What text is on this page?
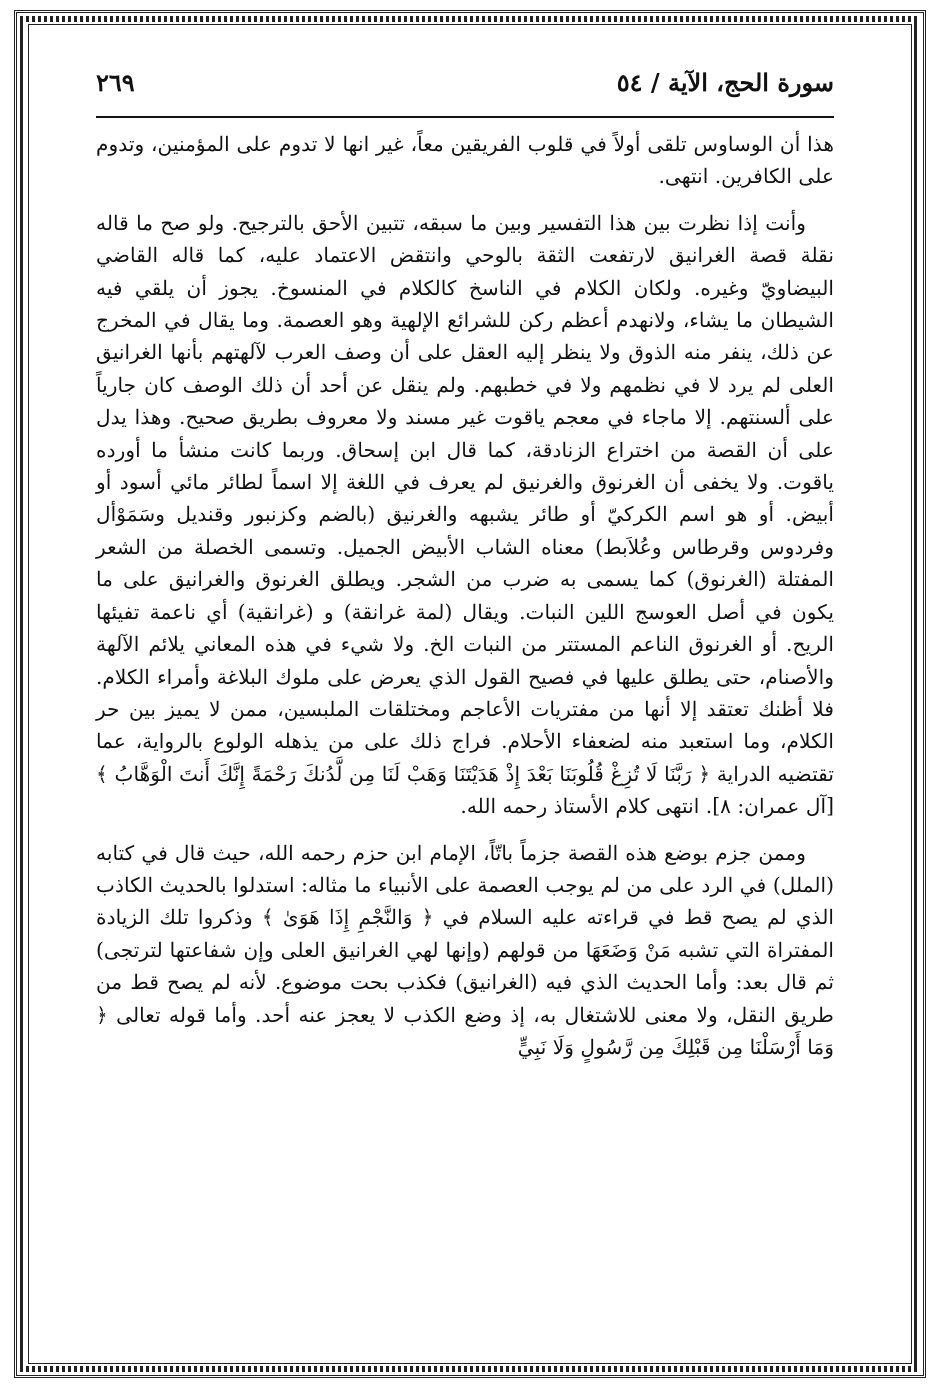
سورة الحج، الآية / ٥٤
٢٦٩

هذا أن الوساوس تلقى أولاً في قلوب الفريقين معاً، غير انها لا تدوم على المؤمنين، وتدوم على الكافرين. انتهى.

وأنت إذا نظرت بين هذا التفسير وبين ما سبقه، تتبين الأحق بالترجيح. ولو صح ما قاله نقلة قصة الغرانيق لارتفعت الثقة بالوحي وانتقض الاعتماد عليه، كما قاله القاضي البيضاويّ وغيره. ولكان الكلام في الناسخ كالكلام في المنسوخ. يجوز أن يلقي فيه الشيطان ما يشاء، ولانهدم أعظم ركن للشرائع الإلهية وهو العصمة. وما يقال في المخرج عن ذلك، ينفر منه الذوق ولا ينظر إليه العقل على أن وصف العرب لآلهتهم بأنها الغرانيق العلى لم يرد لا في نظمهم ولا في خطبهم. ولم ينقل عن أحد أن ذلك الوصف كان جارياً على ألسنتهم. إلا ماجاء في معجم ياقوت غير مسند ولا معروف بطريق صحيح. وهذا يدل على أن القصة من اختراع الزنادقة، كما قال ابن إسحاق. وربما كانت منشأ ما أورده ياقوت. ولا يخفى أن الغرنوق والغرنيق لم يعرف في اللغة إلا اسماً لطائر مائي أسود أو أبيض. أو هو اسم الكركيّ أو طائر يشبهه والغرنيق (بالضم وكزنبور وقنديل وسَمَوْأل وفردوس وقرطاس وعُلاَبط) معناه الشاب الأبيض الجميل. وتسمى الخصلة من الشعر المفتلة (الغرنوق) كما يسمى به ضرب من الشجر. ويطلق الغرنوق والغرانيق على ما يكون في أصل العوسج اللين النبات. ويقال (لمة غرانقة) و (غرانقية) أي ناعمة تفيئها الريح. أو الغرنوق الناعم المستتر من النبات الخ. ولا شيء في هذه المعاني يلائم الآلهة والأصنام، حتى يطلق عليها في فصيح القول الذي يعرض على ملوك البلاغة وأمراء الكلام. فلا أظنك تعتقد إلا أنها من مفتريات الأعاجم ومختلقات الملبسين، ممن لا يميز بين حر الكلام، وما استعبد منه لضعفاء الأحلام. فراج ذلك على من يذهله الولوع بالرواية، عما تقتضيه الدراية ﴿ رَبَّنَا لَا تُزِغْ قُلُوبَنَا بَعْدَ إِذْ هَدَيْتَنَا وَهَبْ لَنَا مِن لَّدُنكَ رَحْمَةً إِنَّكَ أَنتَ الْوَهَّابُ ﴾ [آل عمران: ٨]. انتهى كلام الأستاذ رحمه الله.

وممن جزم بوضع هذه القصة جزماً باتّاً، الإمام ابن حزم رحمه الله، حيث قال في كتابه (الملل) في الرد على من لم يوجب العصمة على الأنبياء ما مثاله: استدلوا بالحديث الكاذب الذي لم يصح قط في قراءته عليه السلام في ﴿ وَالنَّجْمِ إِذَا هَوَىٰ ﴾ وذكروا تلك الزيادة المفتراة التي تشبه مَنْ وَضَعَهَا من قولهم (وإنها لهي الغرانيق العلى وإن شفاعتها لترتجى) ثم قال بعد: وأما الحديث الذي فيه (الغرانيق) فكذب بحت موضوع. لأنه لم يصح قط من طريق النقل، ولا معنى للاشتغال به، إذ وضع الكذب لا يعجز عنه أحد. وأما قوله تعالى ﴿ وَمَا أَرْسَلْنَا مِن قَبْلِكَ مِن رَّسُولٍ وَلَا نَبِيٍّ
